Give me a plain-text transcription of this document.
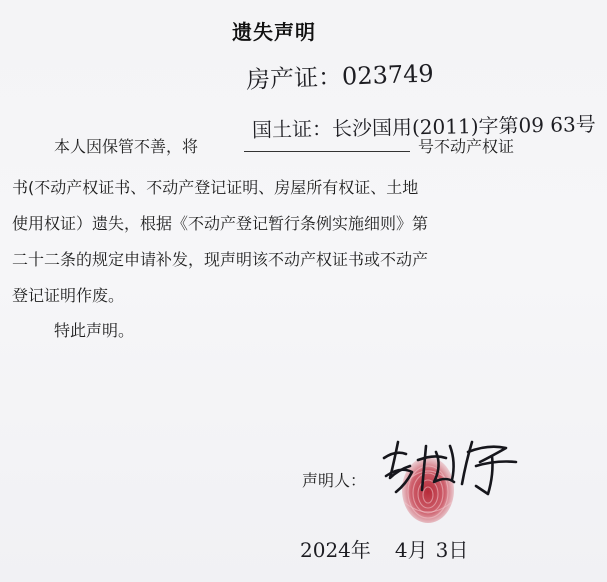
遗失声明
房产证：023749
国土证：长沙国用(2011)字第09 63号
本人因保管不善，将	号不动产权证
书(不动产权证书、不动产登记证明、房屋所有权证、土地
使用权证）遗失，根据《不动产登记暂行条例实施细则》第
二十二条的规定申请补发，现声明该不动产权证书或不动产
登记证明作废。
特此声明。
声明人：
2024年 4月 3日
